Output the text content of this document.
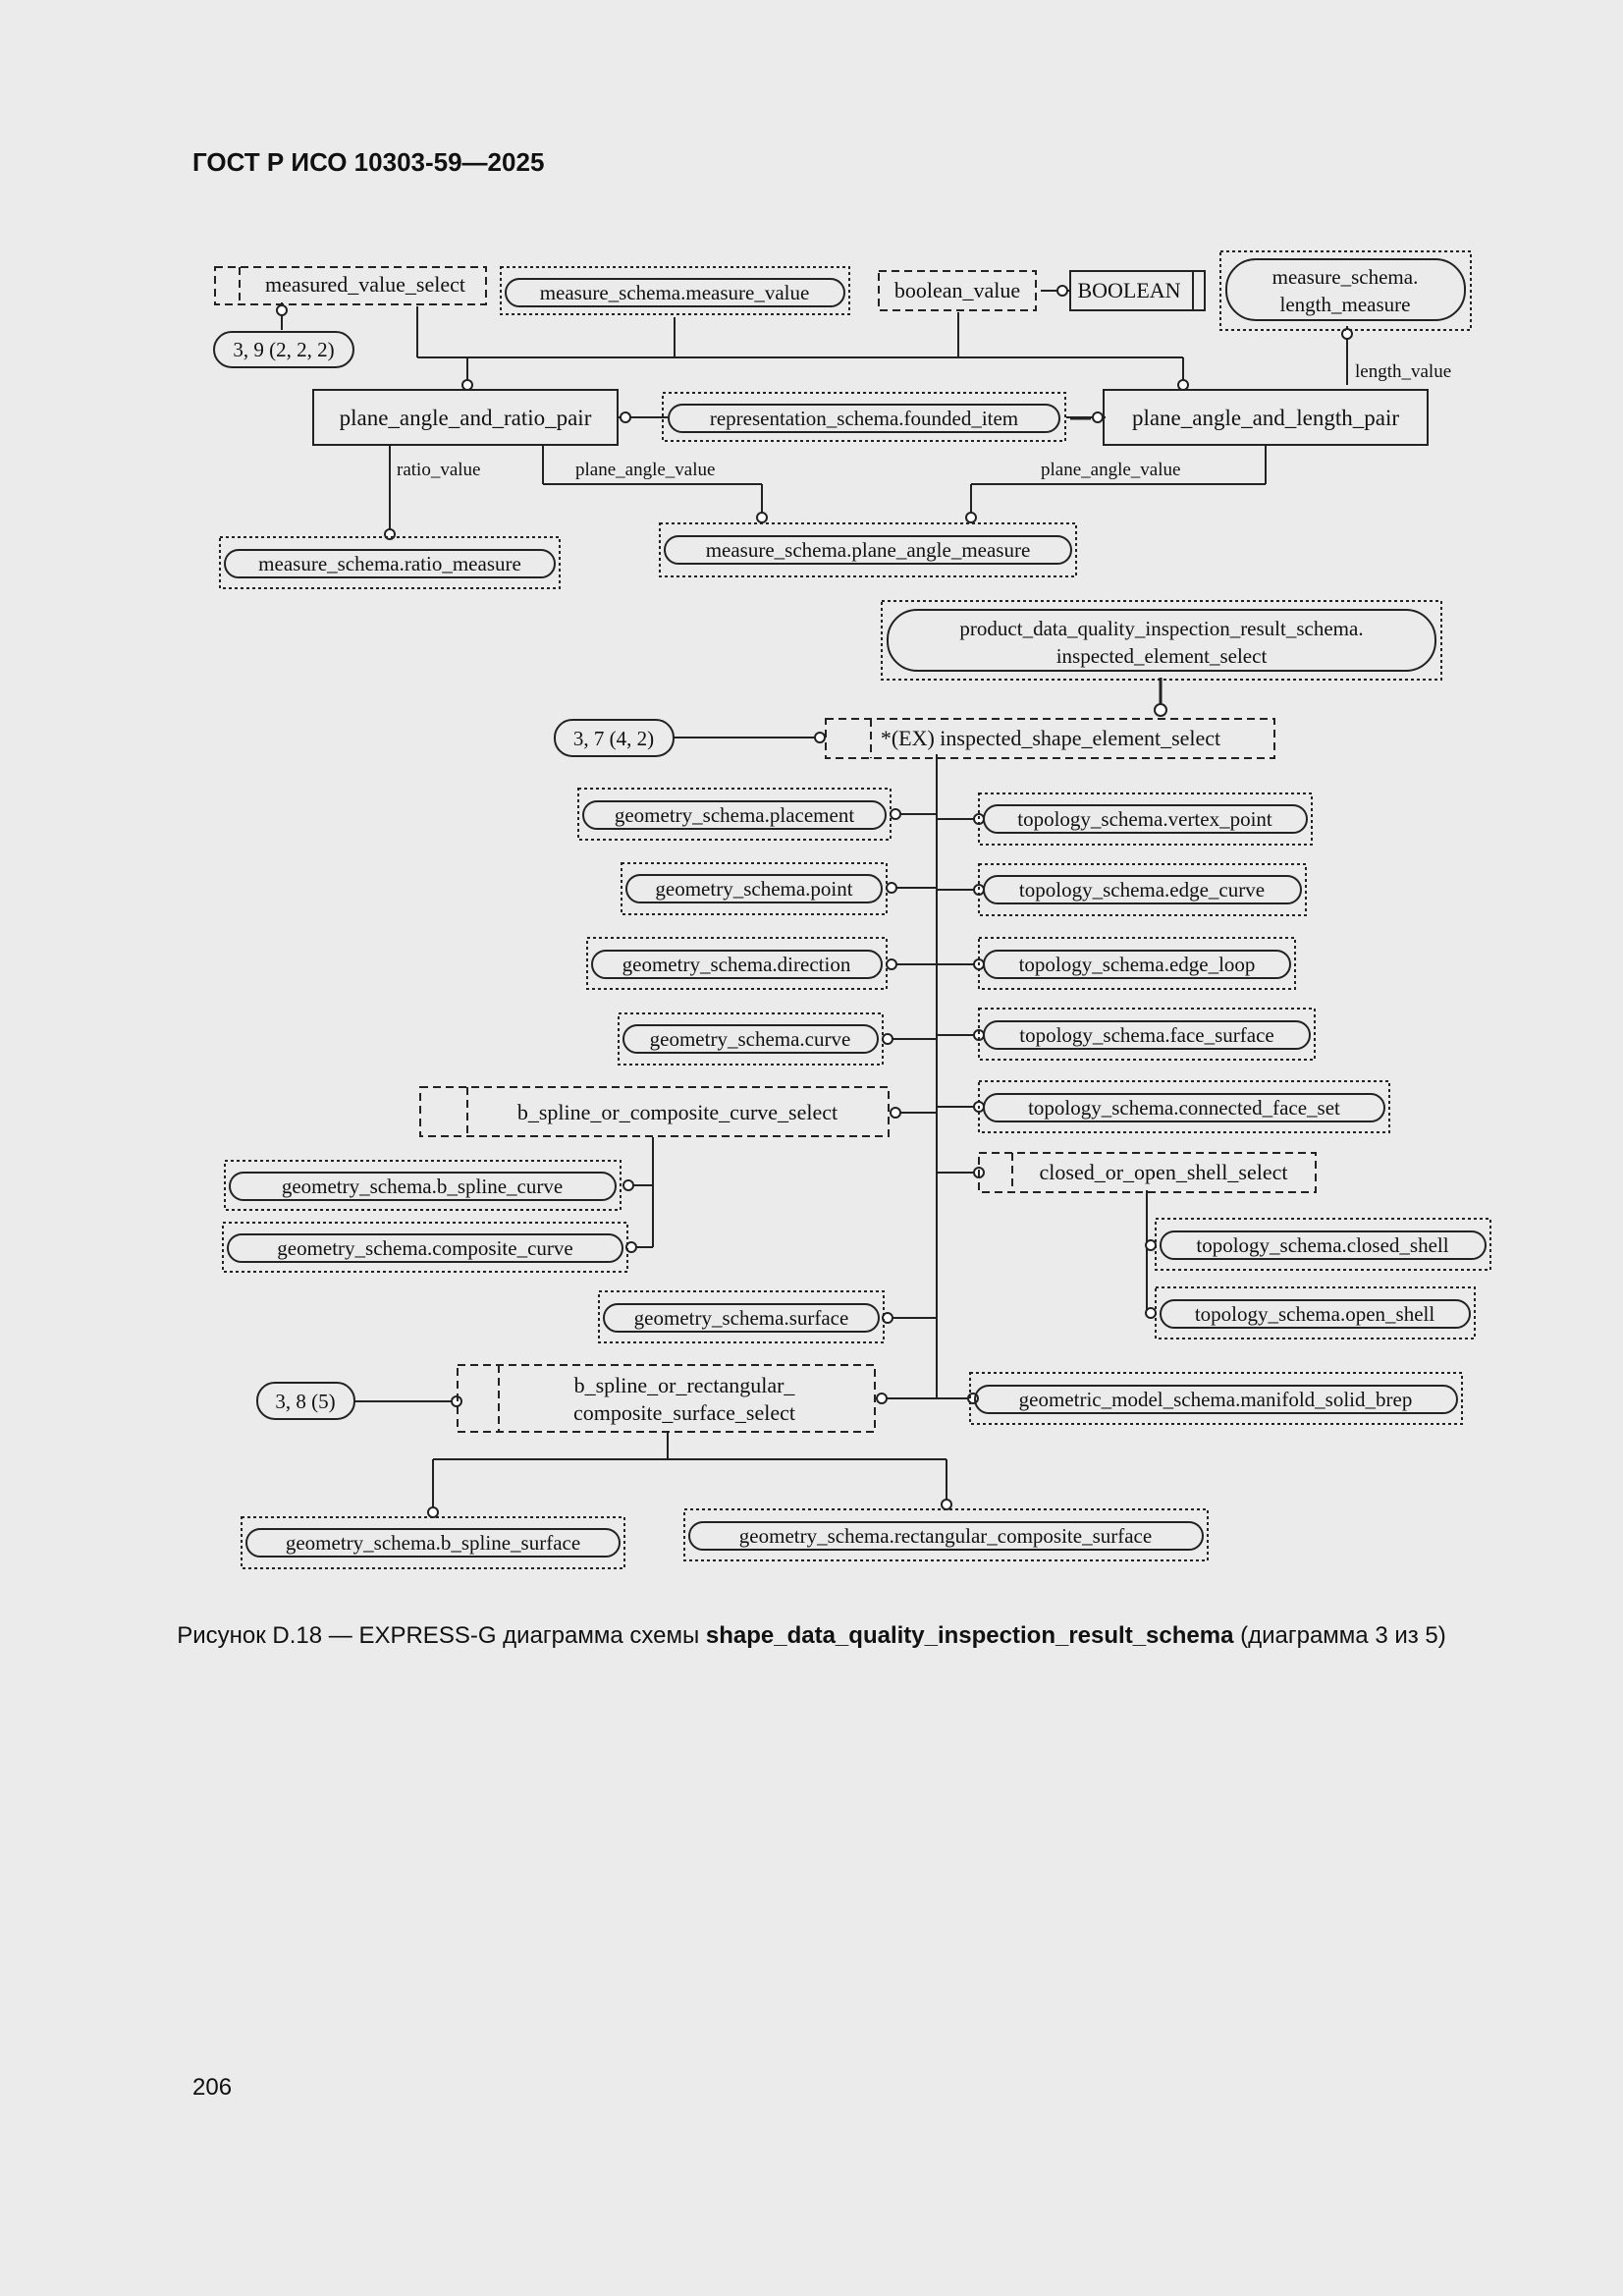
ГОСТ Р ИСО 10303-59—2025
measured_value_select
3, 9 (2, 2, 2)
measure_schema.measure_value	boolean_value	BOOLEAN
measure_schema.
length_measure
length_value
plane_angle_and_ratio_pair	representation_schema.founded_item	plane_angle_and_length_pair
ratio_value	plane_angle_value	plane_angle_value
measure_schema.ratio_measure
measure_schema.plane_angle_measure
product_data_quality_inspection_result_schema.
inspected_element_select
3, 7 (4, 2)	*(EX) inspected_shape_element_select
geometry_schema.placement
geometry_schema.point
geometry_schema.direction
geometry_schema.curve
b_spline_or_composite_curve_select
geometry_schema.b_spline_curve
geometry_schema.composite_curve
geometry_schema.surface
3, 8 (5)
b_spline_or_rectangular_
composite_surface_select
geometry_schema.b_spline_surface	geometry_schema.rectangular_composite_surface
topology_schema.vertex_point
topology_schema.edge_curve
topology_schema.edge_loop
topology_schema.face_surface
topology_schema.connected_face_set
closed_or_open_shell_select
topology_schema.closed_shell
topology_schema.open_shell
geometric_model_schema.manifold_solid_brep
Рисунок D.18 — EXPRESS-G диаграмма схемы shape_data_quality_inspection_result_schema (диаграмма 3 из 5)
206
